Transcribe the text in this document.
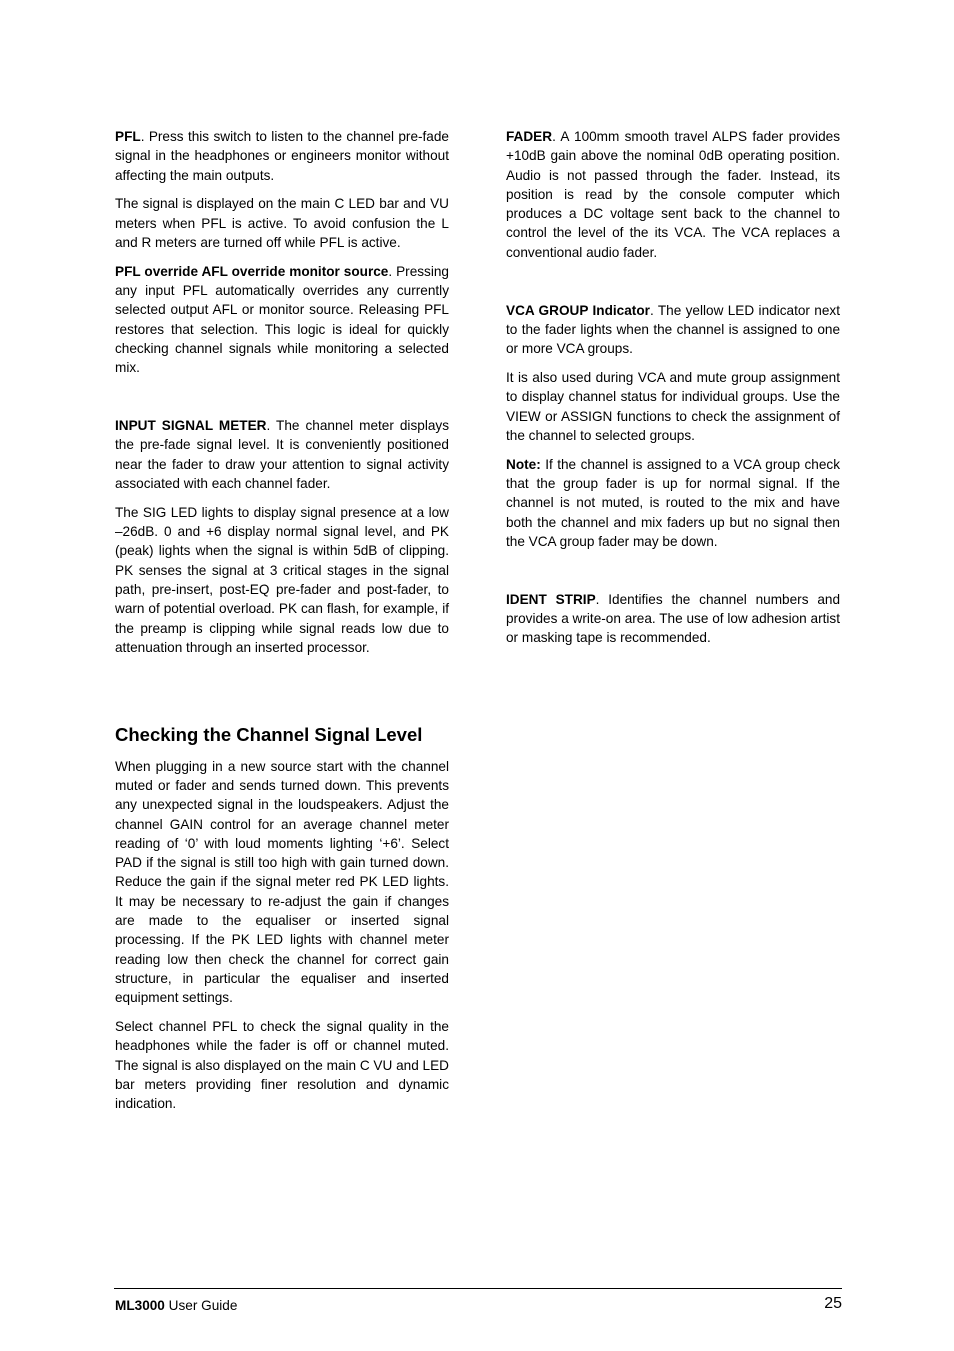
PFL. Press this switch to listen to the channel pre-fade signal in the headphones or engineers monitor without affecting the main outputs.

The signal is displayed on the main C LED bar and VU meters when PFL is active. To avoid confusion the L and R meters are turned off while PFL is active.

PFL override AFL override monitor source. Pressing any input PFL automatically overrides any currently selected output AFL or monitor source. Releasing PFL restores that selection. This logic is ideal for quickly checking channel signals while monitoring a selected mix.

INPUT SIGNAL METER. The channel meter displays the pre-fade signal level. It is conveniently positioned near the fader to draw your attention to signal activity associated with each channel fader.

The SIG LED lights to display signal presence at a low –26dB. 0 and +6 display normal signal level, and PK (peak) lights when the signal is within 5dB of clipping. PK senses the signal at 3 critical stages in the signal path, pre-insert, post-EQ pre-fader and post-fader, to warn of potential overload. PK can flash, for example, if the preamp is clipping while signal reads low due to attenuation through an inserted processor.

Checking the Channel Signal Level

When plugging in a new source start with the channel muted or fader and sends turned down. This prevents any unexpected signal in the loudspeakers. Adjust the channel GAIN control for an average channel meter reading of ‘0’ with loud moments lighting ‘+6’. Select PAD if the signal is still too high with gain turned down. Reduce the gain if the signal meter red PK LED lights. It may be necessary to re-adjust the gain if changes are made to the equaliser or inserted signal processing. If the PK LED lights with channel meter reading low then check the channel for correct gain structure, in particular the equaliser and inserted equipment settings.

Select channel PFL to check the signal quality in the headphones while the fader is off or channel muted. The signal is also displayed on the main C VU and LED bar meters providing finer resolution and dynamic indication.

FADER. A 100mm smooth travel ALPS fader provides +10dB gain above the nominal 0dB operating position. Audio is not passed through the fader. Instead, its position is read by the console computer which produces a DC voltage sent back to the channel to control the level of the its VCA. The VCA replaces a conventional audio fader.

VCA GROUP Indicator. The yellow LED indicator next to the fader lights when the channel is assigned to one or more VCA groups.

It is also used during VCA and mute group assignment to display channel status for individual groups. Use the VIEW or ASSIGN functions to check the assignment of the channel to selected groups.

Note: If the channel is assigned to a VCA group check that the group fader is up for normal signal. If the channel is not muted, is routed to the mix and have both the channel and mix faders up but no signal then the VCA group fader may be down.

IDENT STRIP. Identifies the channel numbers and provides a write-on area. The use of low adhesion artist or masking tape is recommended.

ML3000 User Guide	25
